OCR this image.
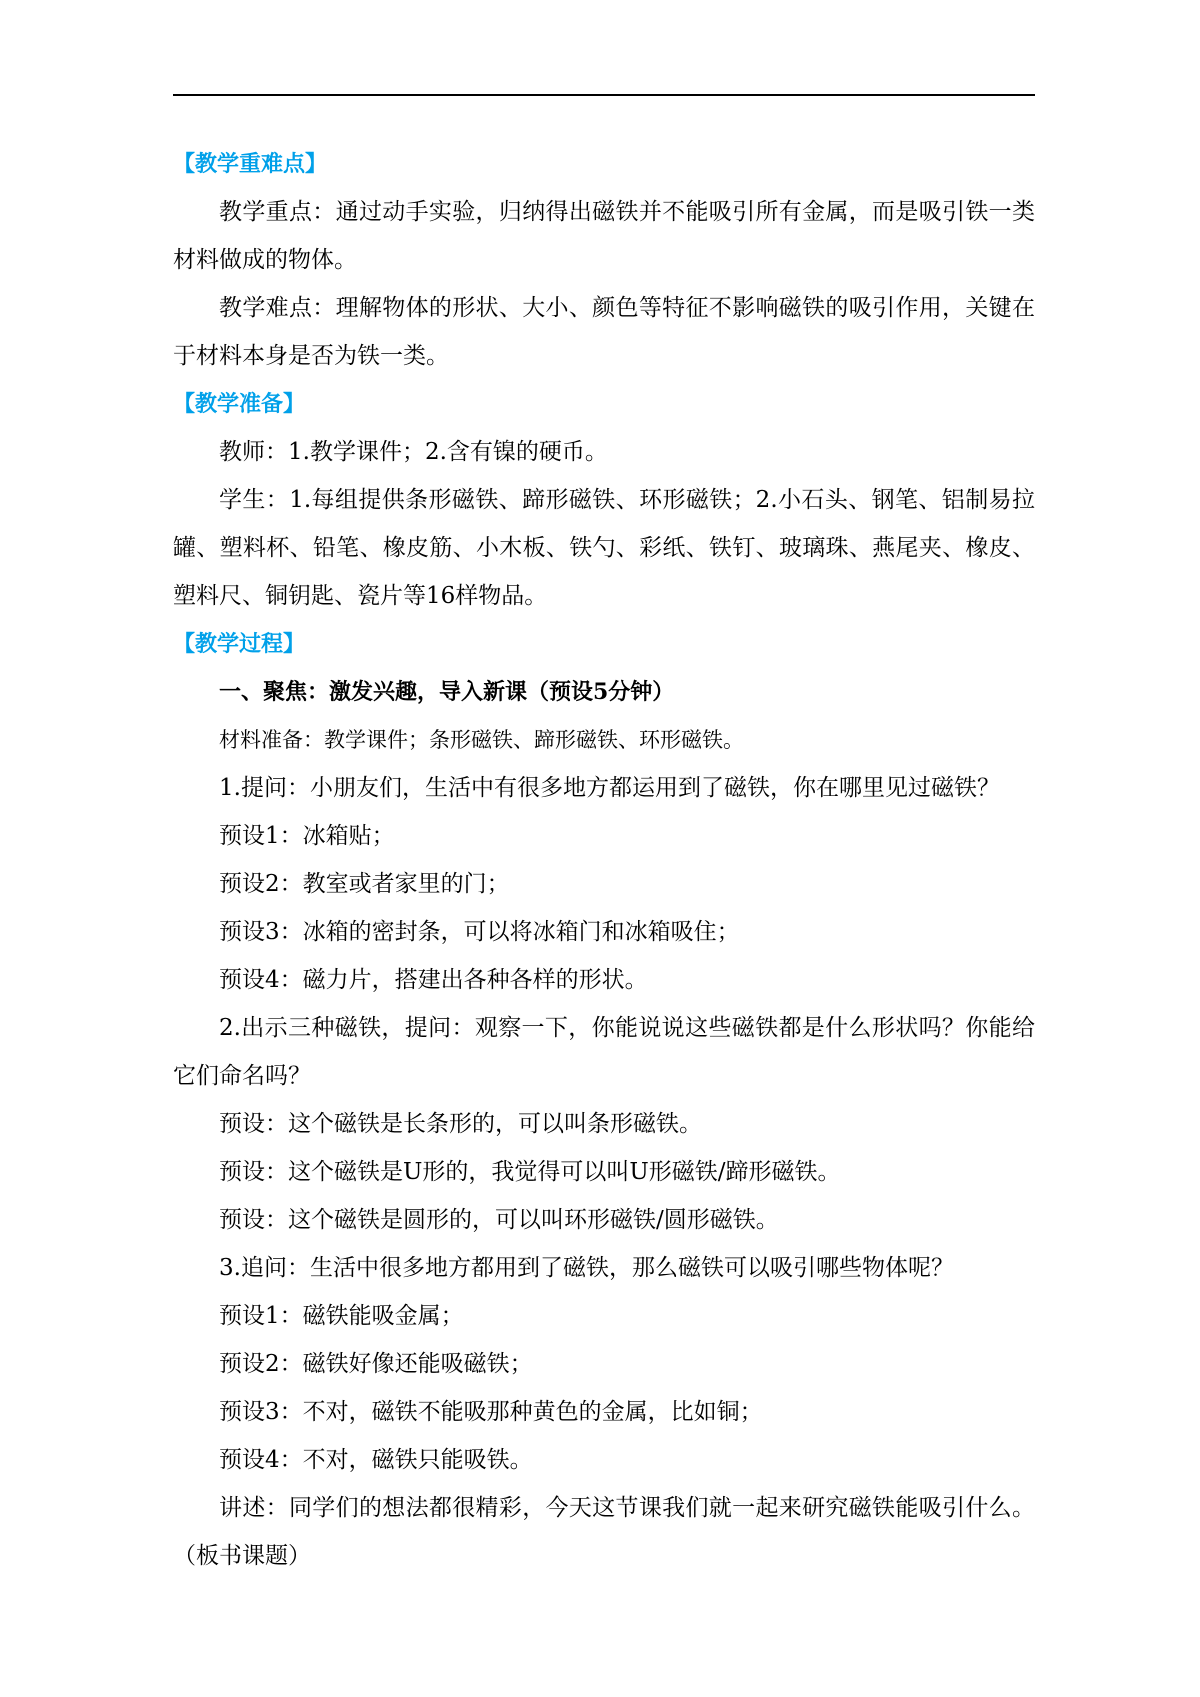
【教学重难点】

教学重点：通过动手实验，归纳得出磁铁并不能吸引所有金属，而是吸引铁一类材料做成的物体。

教学难点：理解物体的形状、大小、颜色等特征不影响磁铁的吸引作用，关键在于材料本身是否为铁一类。

【教学准备】

教师：1.教学课件；2.含有镍的硬币。

学生：1.每组提供条形磁铁、蹄形磁铁、环形磁铁；2.小石头、钢笔、铝制易拉罐、塑料杯、铅笔、橡皮筋、小木板、铁勺、彩纸、铁钉、玻璃珠、燕尾夹、橡皮、塑料尺、铜钥匙、瓷片等16样物品。

【教学过程】

一、聚焦：激发兴趣，导入新课（预设5分钟）

材料准备：教学课件；条形磁铁、蹄形磁铁、环形磁铁。

1.提问：小朋友们，生活中有很多地方都运用到了磁铁，你在哪里见过磁铁？

预设1：冰箱贴；

预设2：教室或者家里的门；

预设3：冰箱的密封条，可以将冰箱门和冰箱吸住；

预设4：磁力片，搭建出各种各样的形状。

2.出示三种磁铁，提问：观察一下，你能说说这些磁铁都是什么形状吗？你能给它们命名吗？

预设：这个磁铁是长条形的，可以叫条形磁铁。

预设：这个磁铁是U形的，我觉得可以叫U形磁铁/蹄形磁铁。

预设：这个磁铁是圆形的，可以叫环形磁铁/圆形磁铁。

3.追问：生活中很多地方都用到了磁铁，那么磁铁可以吸引哪些物体呢？

预设1：磁铁能吸金属；

预设2：磁铁好像还能吸磁铁；

预设3：不对，磁铁不能吸那种黄色的金属，比如铜；

预设4：不对，磁铁只能吸铁。

讲述：同学们的想法都很精彩，今天这节课我们就一起来研究磁铁能吸引什么。（板书课题）
